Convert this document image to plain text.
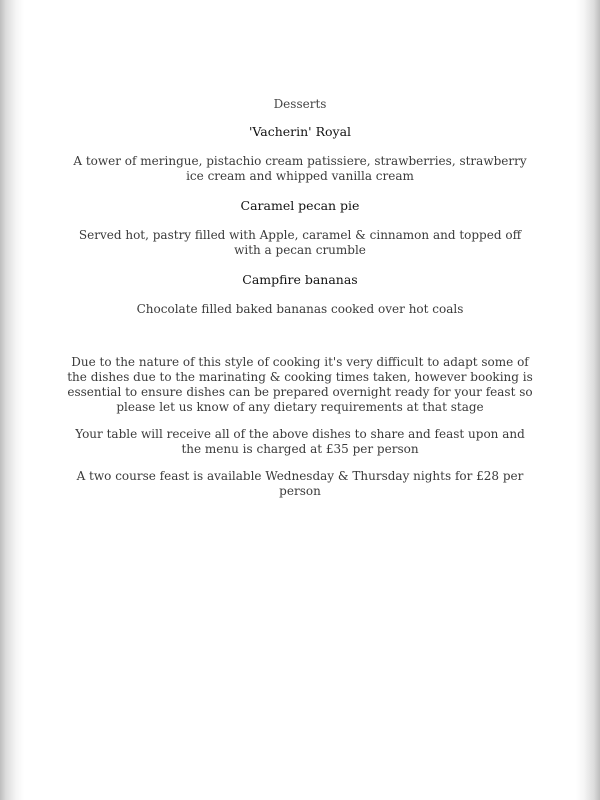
Desserts

'Vacherin' Royal

A tower of meringue, pistachio cream patissiere, strawberries, strawberry ice cream and whipped vanilla cream

Caramel pecan pie

Served hot, pastry filled with Apple, caramel & cinnamon and topped off with a pecan crumble

Campfire bananas

Chocolate filled baked bananas cooked over hot coals

Due to the nature of this style of cooking it's very difficult to adapt some of the dishes due to the marinating & cooking times taken, however booking is essential to ensure dishes can be prepared overnight ready for your feast so please let us know of any dietary requirements at that stage

Your table will receive all of the above dishes to share and feast upon and the menu is charged at £35 per person

A two course feast is available Wednesday & Thursday nights for £28 per person
